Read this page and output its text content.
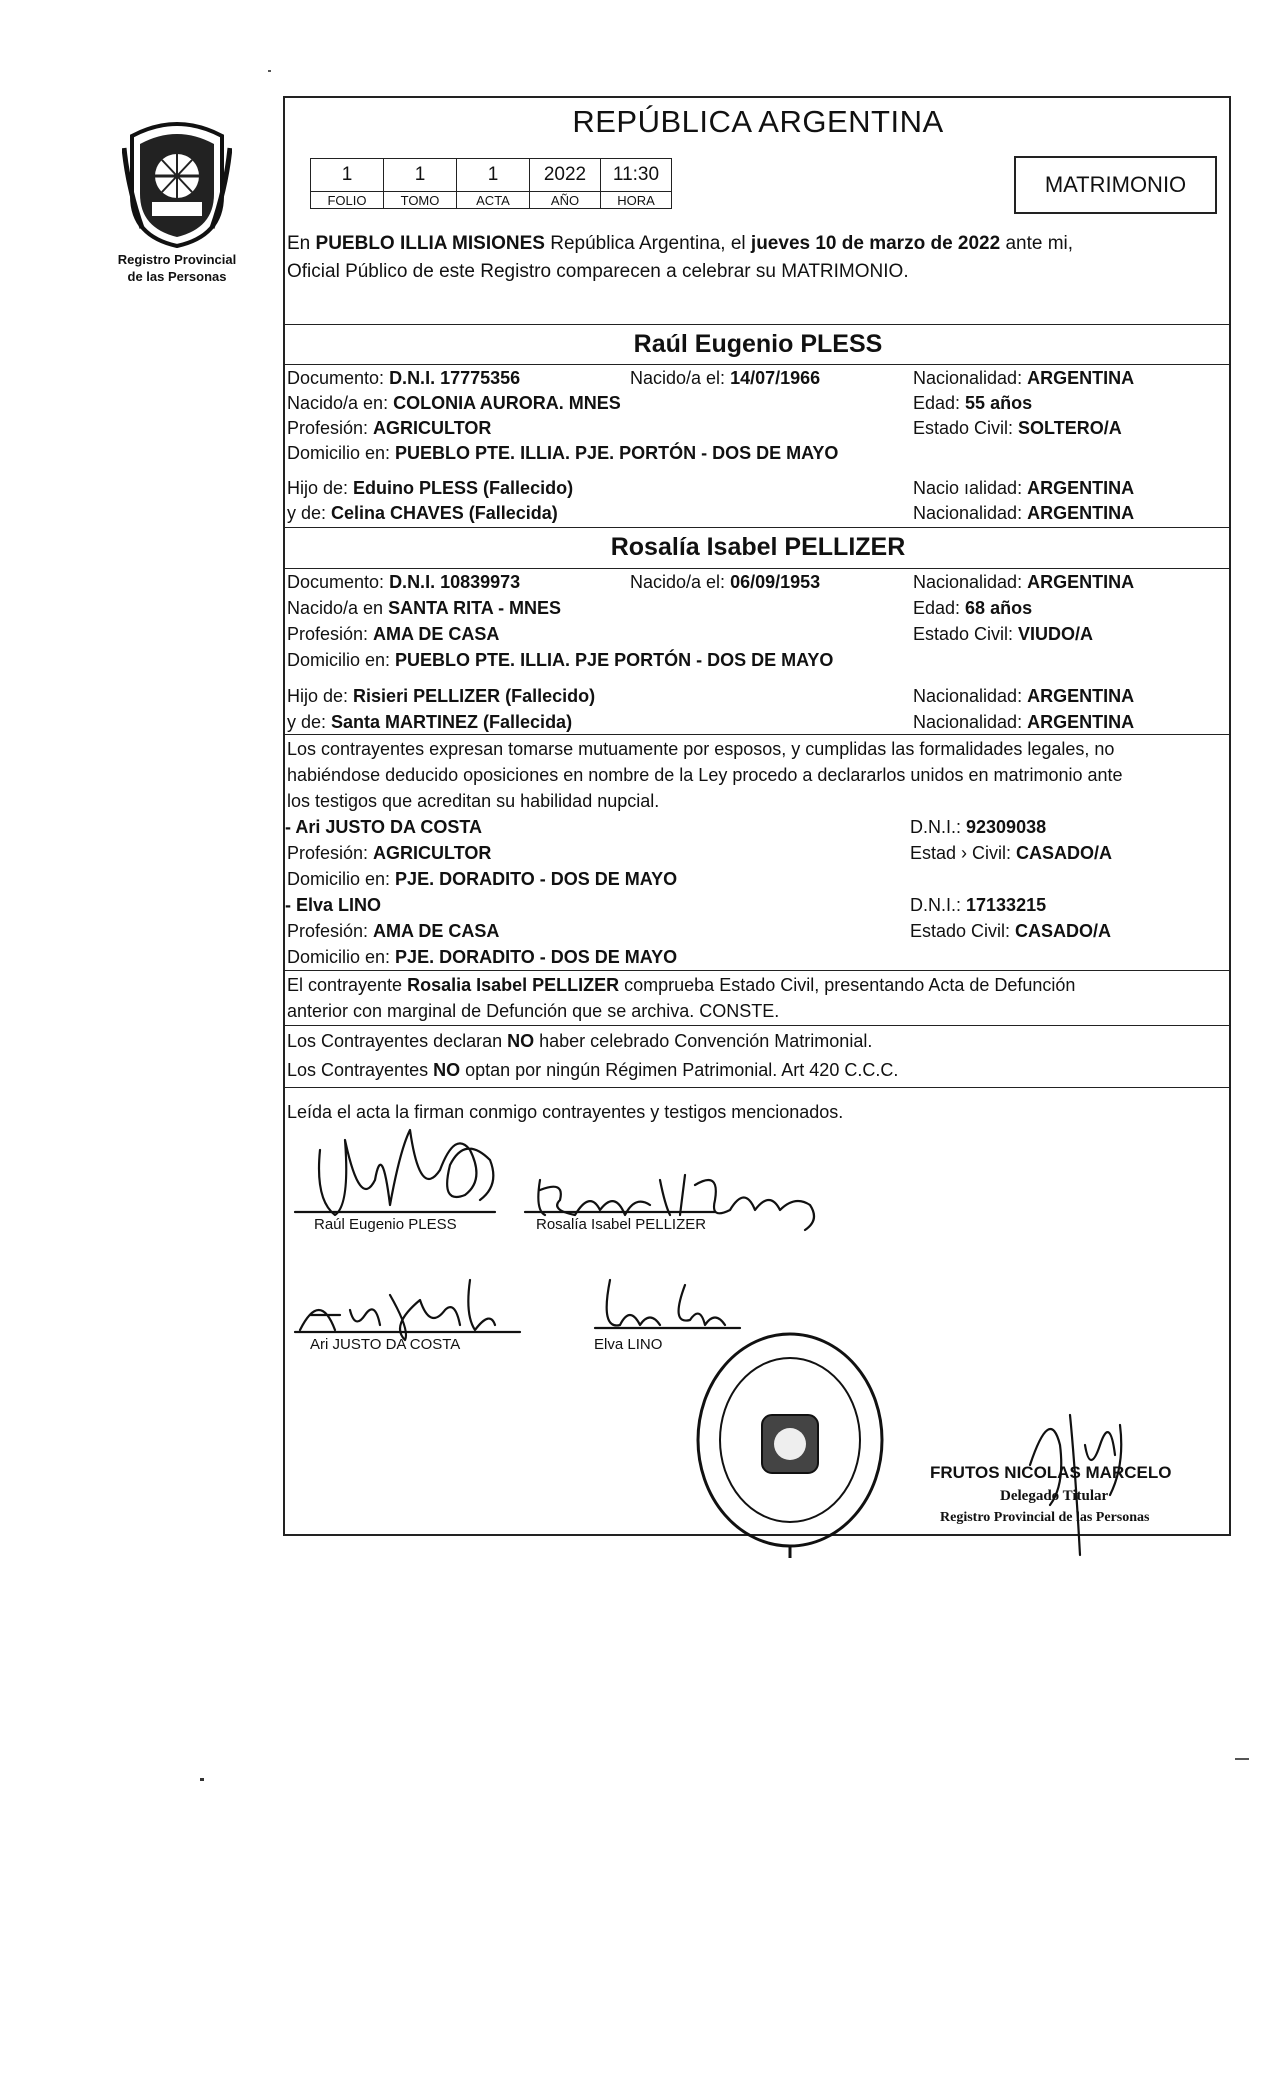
Registro Provincial
de las Personas
REPÚBLICA ARGENTINA
1	1	1	2022	11:30
FOLIO	TOMO	ACTA	AÑO	HORA
MATRIMONIO
En PUEBLO ILLIA MISIONES República Argentina, el jueves 10 de marzo de 2022 ante mi,
Oficial Público de este Registro comparecen a celebrar su MATRIMONIO.
Raúl Eugenio PLESS
Documento: D.N.I. 17775356	Nacido/a el: 14/07/1966	Nacionalidad: ARGENTINA
Nacido/a en: COLONIA AURORA. MNES	Edad: 55 años
Profesión: AGRICULTOR	Estado Civil: SOLTERO/A
Domicilio en: PUEBLO PTE. ILLIA. PJE. PORTÓN - DOS DE MAYO
Hijo de: Eduino PLESS (Fallecido)	Nacio ıalidad: ARGENTINA
y de: Celina CHAVES (Fallecida)	Nacionalidad: ARGENTINA
Rosalía Isabel PELLIZER
Documento: D.N.I. 10839973	Nacido/a el: 06/09/1953	Nacionalidad: ARGENTINA
Nacido/a en SANTA RITA - MNES	Edad: 68 años
Profesión: AMA DE CASA	Estado Civil: VIUDO/A
Domicilio en: PUEBLO PTE. ILLIA. PJE PORTÓN - DOS DE MAYO
Hijo de: Risieri PELLIZER (Fallecido)	Nacionalidad: ARGENTINA
y de: Santa MARTINEZ (Fallecida)	Nacionalidad: ARGENTINA
Los contrayentes expresan tomarse mutuamente por esposos, y cumplidas las formalidades legales, no
habiéndose deducido oposiciones en nombre de la Ley procedo a declararlos unidos en matrimonio ante
los testigos que acreditan su habilidad nupcial.
- Ari JUSTO DA COSTA	D.N.I.: 92309038
Profesión: AGRICULTOR	Estad › Civil: CASADO/A
Domicilio en: PJE. DORADITO - DOS DE MAYO
- Elva LINO	D.N.I.: 17133215
Profesión: AMA DE CASA	Estado Civil: CASADO/A
Domicilio en: PJE. DORADITO - DOS DE MAYO
El contrayente Rosalia Isabel PELLIZER comprueba Estado Civil, presentando Acta de Defunción
anterior con marginal de Defunción que se archiva. CONSTE.
Los Contrayentes declaran NO haber celebrado Convención Matrimonial.
Los Contrayentes NO optan por ningún Régimen Patrimonial. Art 420 C.C.C.
Leída el acta la firman conmigo contrayentes y testigos mencionados.
Raúl Eugenio PLESS	Rosalía Isabel PELLIZER
Ari JUSTO DA COSTA	Elva LINO
FRUTOS NICOLAS MARCELO
Delegado Titular
Registro Provincial de las Personas
